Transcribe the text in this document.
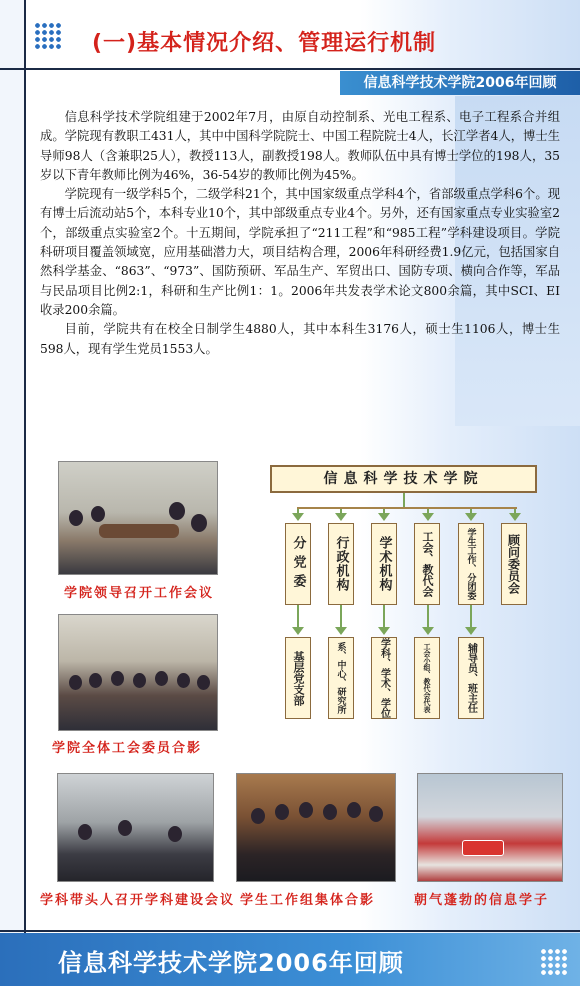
(一)基本情况介绍、管理运行机制
信息科学技术学院2006年回顾

信息科学技术学院组建于2002年7月，由原自动控制系、光电工程系、电子工程系合并组成。学院现有教职工431人，其中中国科学院院士、中国工程院院士4人，长江学者4人，博士生导师98人（含兼职25人），教授113人，副教授198人。教师队伍中具有博士学位的198人，35岁以下青年教师比例为46%，36-54岁的教师比例为45%。

学院现有一级学科5个，二级学科21个，其中国家级重点学科4个，省部级重点学科6个。现有博士后流动站5个，本科专业10个，其中部级重点专业4个。另外，还有国家重点专业实验室2个，部级重点实验室2个。十五期间，学院承担了“211工程”和“985工程”学科建设项目。学院科研项目覆盖领域宽，应用基础潜力大，项目结构合理，2006年科研经费1.9亿元，包括国家自然科学基金、“863”、“973”、国防预研、军品生产、军贸出口、国防专项、横向合作等，军品与民品项目比例2:1，科研和生产比例1：1。2006年共发表学术论文800余篇，其中SCI、EI收录200余篇。

目前，学院共有在校全日制学生4880人，其中本科生3176人，硕士生1106人，博士生598人，现有学生党员1553人。

学院领导召开工作会议
学院全体工会委员合影
学科带头人召开学科建设会议 学生工作组集体合影	朝气蓬勃的信息学子
信息科学技术学院
分党委	行政机构	学术机构	工会、教代会	学生工作、分团委	顾问委员会
基层党支部	系、中心、研究所	学科、学术、学位	工会小组、教代会代表	辅导员、班主任
信息科学技术学院2006年回顾
